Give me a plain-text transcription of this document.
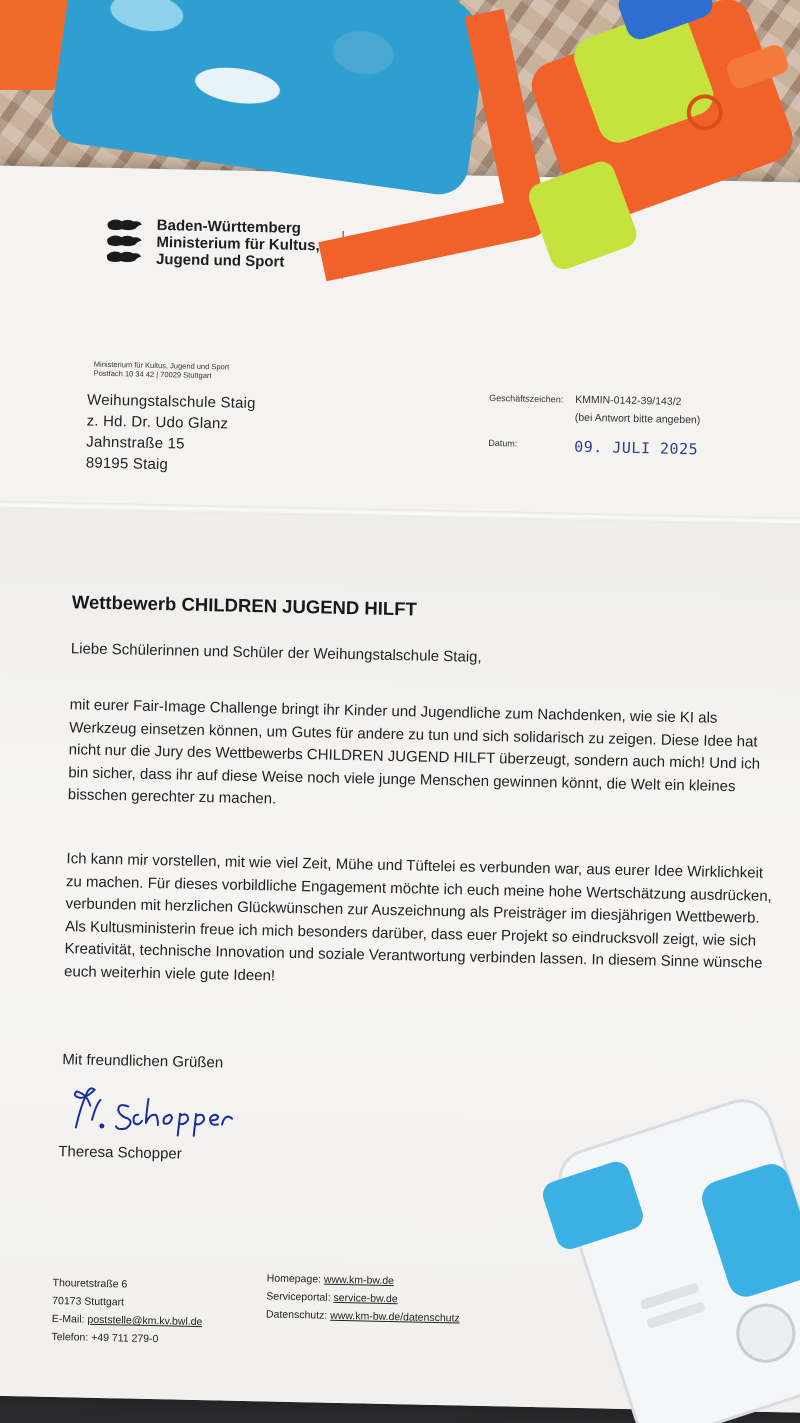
Baden-Württemberg
Ministerium für Kultus,
Jugend und Sport
Ministerin
Ministerium für Kultus, Jugend und Sport
Postfach 10 34 42 | 70029 Stuttgart
Weihungstalschule Staig
z. Hd. Dr. Udo Glanz
Jahnstraße 15
89195 Staig
Geschäftszeichen: KMMIN-0142-39/143/2
(bei Antwort bitte angeben)
Datum:	09. JULI 2025
Wettbewerb CHILDREN JUGEND HILFT
Liebe Schülerinnen und Schüler der Weihungstalschule Staig,

mit eurer Fair-Image Challenge bringt ihr Kinder und Jugendliche zum Nachdenken, wie sie KI als Werkzeug einsetzen können, um Gutes für andere zu tun und sich solidarisch zu zeigen. Diese Idee hat nicht nur die Jury des Wettbewerbs CHILDREN JUGEND HILFT überzeugt, sondern auch mich! Und ich bin sicher, dass ihr auf diese Weise noch viele junge Menschen gewinnen könnt, die Welt ein kleines bisschen gerechter zu machen.

Ich kann mir vorstellen, mit wie viel Zeit, Mühe und Tüftelei es verbunden war, aus eurer Idee Wirklichkeit zu machen. Für dieses vorbildliche Engagement möchte ich euch meine hohe Wertschätzung ausdrücken, verbunden mit herzlichen Glückwünschen zur Auszeichnung als Preisträger im diesjährigen Wettbewerb. Als Kultusministerin freue ich mich besonders darüber, dass euer Projekt so eindrucksvoll zeigt, wie sich Kreativität, technische Innovation und soziale Verantwortung verbinden lassen. In diesem Sinne wünsche euch weiterhin viele gute Ideen!

Mit freundlichen Grüßen
Theresa Schopper
Thouretstraße 6
70173 Stuttgart
E-Mail: poststelle@km.kv.bwl.de
Telefon: +49 711 279-0
Homepage: www.km-bw.de
Serviceportal: service-bw.de
Datenschutz: www.km-bw.de/datenschutz
